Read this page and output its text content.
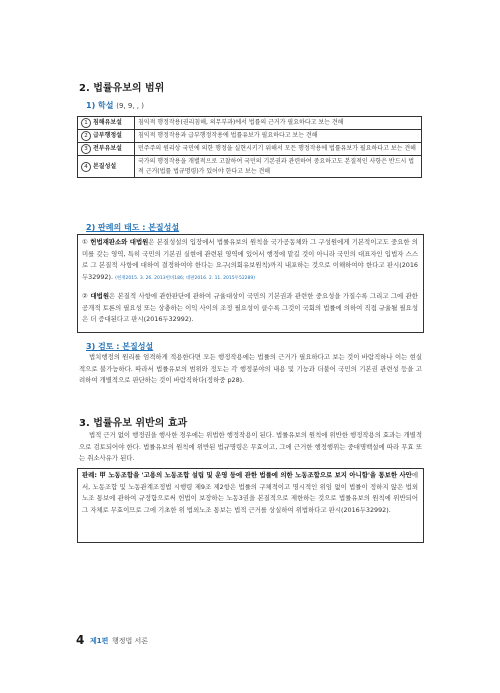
2. 법률유보의 범위
1) 학설 (9, 9, , )
1 침해유보설	침익적 행정작용(권리침해, 의무부과)에서 법률의 근거가 필요하다고 보는 견해
2 급부행정설	침익적 행정작용과 급부행정작용에 법률유보가 필요하다고 보는 견해
3 전부유보설	민주주의 원리상 국민에 의한 행정을 실현시키기 위해서 모든 행정작용에 법률유보가 필요하다고 보는 견해
4 본질성설	국가의 행정작용을 개별적으로 고찰하여 국민의 기본권과 관련하여 중요하고도 본질적인 사항은 반드시 법적 근거(법률 법규명령)가 있어야 한다고 보는 견해
2) 판례의 태도 : 본질성설
① 헌법재판소와 대법원은 본질성설의 입장에서 법률유보의 원칙을 국가공동체와 그 구성원에게 기본적이고도 중요한 의미를 갖는 영역, 특히 국민의 기본권 실현에 관련된 영역에 있어서 행정에 맡길 것이 아니라 국민의 대표자인 입법자 스스로 그 본질적 사항에 대하여 결정하여야 한다는 요구(의회유보원칙)까지 내포하는 것으로 이해하여야 한다고 판시(2016두32992). (현재2015. 3. 26. 2013헌바186; 대판2016. 2. 11. 2015두52289)
② 대법원은 본질적 사항에 관한판단에 관하여 규율대상이 국민의 기본권과 관련한 중요성을 가질수록 그리고 그에 관한 공개적 토론의 필요성 또는 상충하는 이익 사이의 조정 필요성이 클수록 그것이 국회의 법률에 의하여 직접 규율될 필요성은 더 증대된다고 판시(2016두32992).
3) 검토 : 본질성설
법치행정의 원리를 엄격하게 적용한다면 모든 행정작용에는 법률의 근거가 필요하다고 보는 것이 바람직하나 이는 현실적으로 불가능하다. 따라서 법률유보의 범위와 정도는 각 행정분야의 내용 및 기능과 더불어 국민의 기본권 관련성 등을 고려하여 개별적으로 판단하는 것이 바람직하다(정하중 p28).
3. 법률유보 위반의 효과
법적 근거 없이 행정권을 행사한 경우에는 위법한 행정작용이 된다. 법률유보의 원칙에 위반한 행정작용의 효과는 개별적으로 검토되어야 한다. 법률유보의 원칙에 위반된 법규명령은 무효이고, 그에 근거한 행정행위는 중대명백설에 따라 무효 또는 취소사유가 된다.
판례: 甲 노동조합을 '고용의 노동조합 설립 및 운영 등에 관한 법률에 의한 노동조합으로 보지 아니함'을 통보한 사안에서, 노동조합 및 노동관계조정법 시행령 제9조 제2항은 법률의 구체적이고 명시적인 위임 없이 법률이 정하지 않은 법외노조 통보에 관하여 규정함으로써 헌법이 보장하는 노동3권을 본질적으로 제한하는 것으로 법률유보의 원칙에 위반되어 그 자체로 무효이므로 그에 기초한 위 법외노조 통보는 법적 근거를 상실하여 위법하다고 판시(2016두32992).
4 제1편 행정법 서론
